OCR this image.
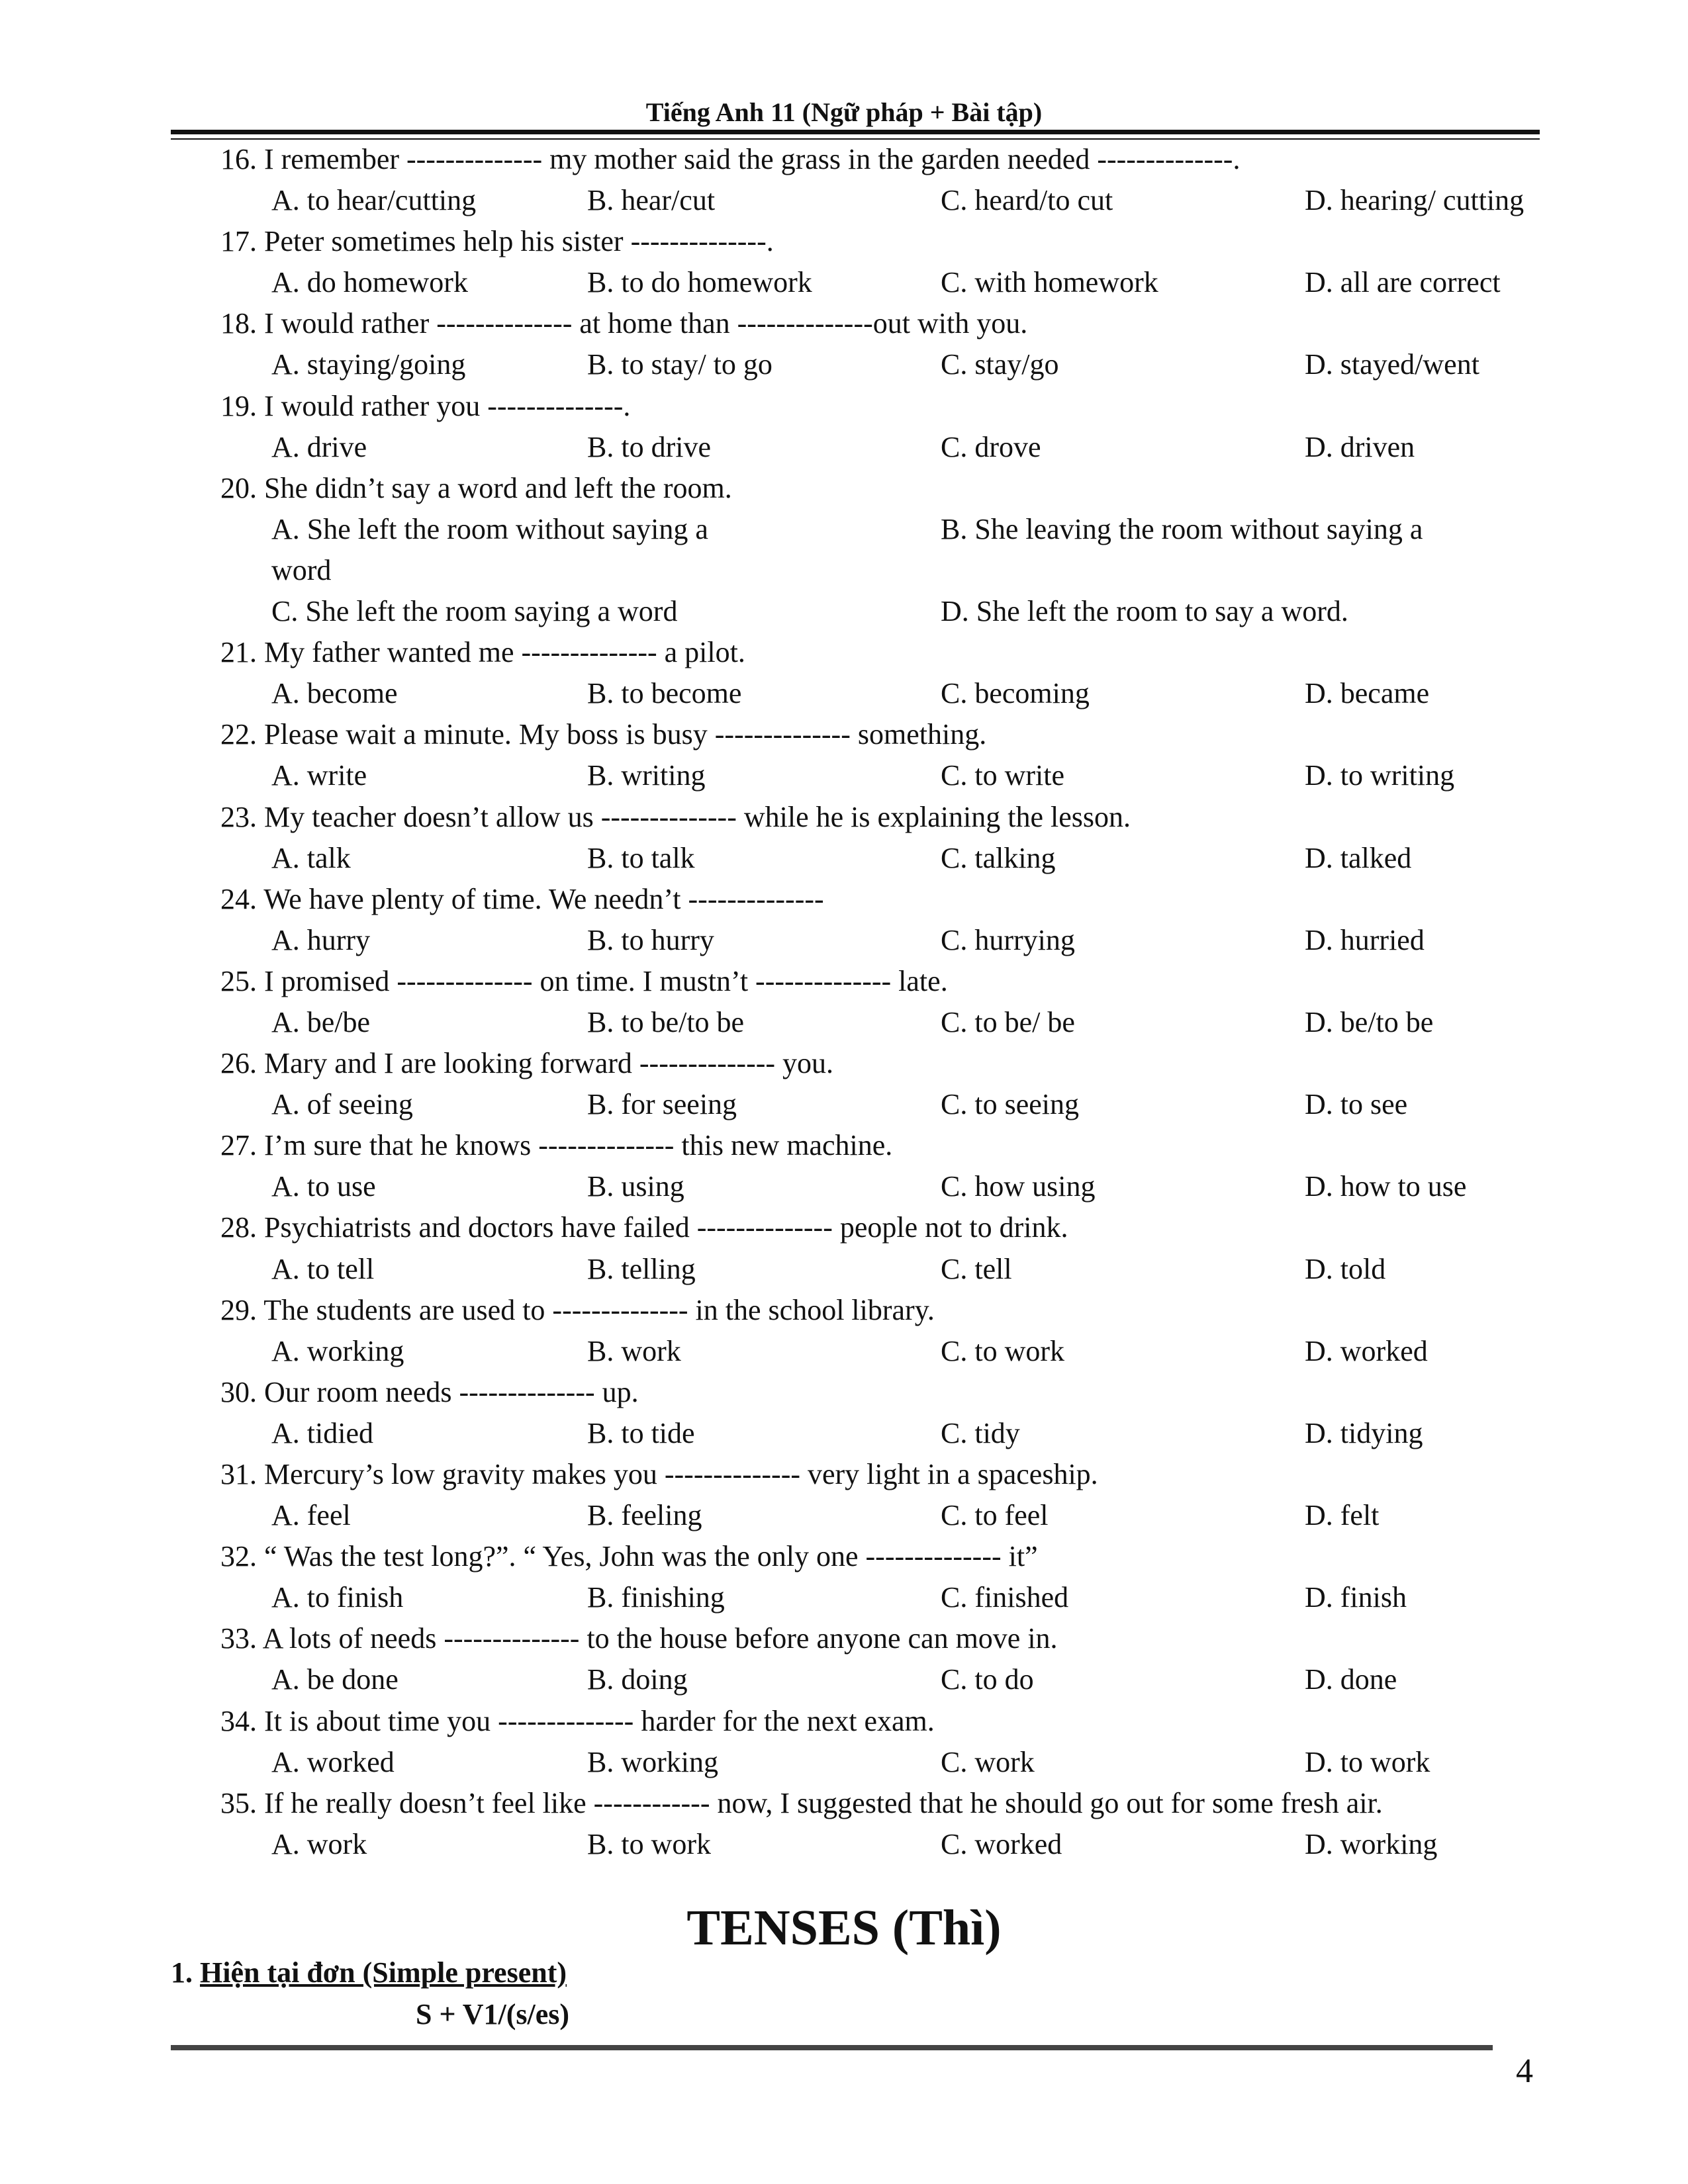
Tiếng Anh 11 (Ngữ pháp + Bài tập)
16. I remember -------------- my mother said the grass in the garden needed --------------.
A. to hear/cutting	B. hear/cut	C. heard/to cut	D. hearing/ cutting
17. Peter sometimes help his sister --------------.
A. do homework	B. to do homework	C. with homework	D. all are correct
18. I would rather -------------- at home than --------------out with you.
A. staying/going	B. to stay/ to go	C. stay/go	D. stayed/went
19. I would rather you --------------.
A. drive	B. to drive	C. drove	D. driven
20. She didn’t say a word and left the room.
A. She left the room without saying a	B. She leaving the room without saying a
word
C. She left the room saying a word	D. She left the room to say a word.
21. My father wanted me -------------- a pilot.
A. become	B. to become	C. becoming	D. became
22. Please wait a minute. My boss is busy -------------- something.
A. write	B. writing	C. to write	D. to writing
23. My teacher doesn’t allow us -------------- while he is explaining the lesson.
A. talk	B. to talk	C. talking	D. talked
24. We have plenty of time. We needn’t --------------
A. hurry	B. to hurry	C. hurrying	D. hurried
25. I promised -------------- on time. I mustn’t -------------- late.
A. be/be	B. to be/to be	C. to be/ be	D. be/to be
26. Mary and I are looking forward -------------- you.
A. of seeing	B. for seeing	C. to seeing	D. to see
27. I’m sure that he knows -------------- this new machine.
A. to use	B. using	C. how using	D. how to use
28. Psychiatrists and doctors have failed -------------- people not to drink.
A. to tell	B. telling	C. tell	D. told
29. The students are used to -------------- in the school library.
A. working	B. work	C. to work	D. worked
30. Our room needs -------------- up.
A. tidied	B. to tide	C. tidy	D. tidying
31. Mercury’s low gravity makes you -------------- very light in a spaceship.
A. feel	B. feeling	C. to feel	D. felt
32. “ Was the test long?”. “ Yes, John was the only one -------------- it”
A. to finish	B. finishing	C. finished	D. finish
33. A lots of needs -------------- to the house before anyone can move in.
A. be done	B. doing	C. to do	D. done
34. It is about time you -------------- harder for the next exam.
A. worked	B. working	C. work	D. to work
35. If he really doesn’t feel like ------------ now, I suggested that he should go out for some fresh air.
A. work	B. to work	C. worked	D. working
TENSES (Thì)
1. Hiện tại đơn (Simple present)
S + V1/(s/es)
4
